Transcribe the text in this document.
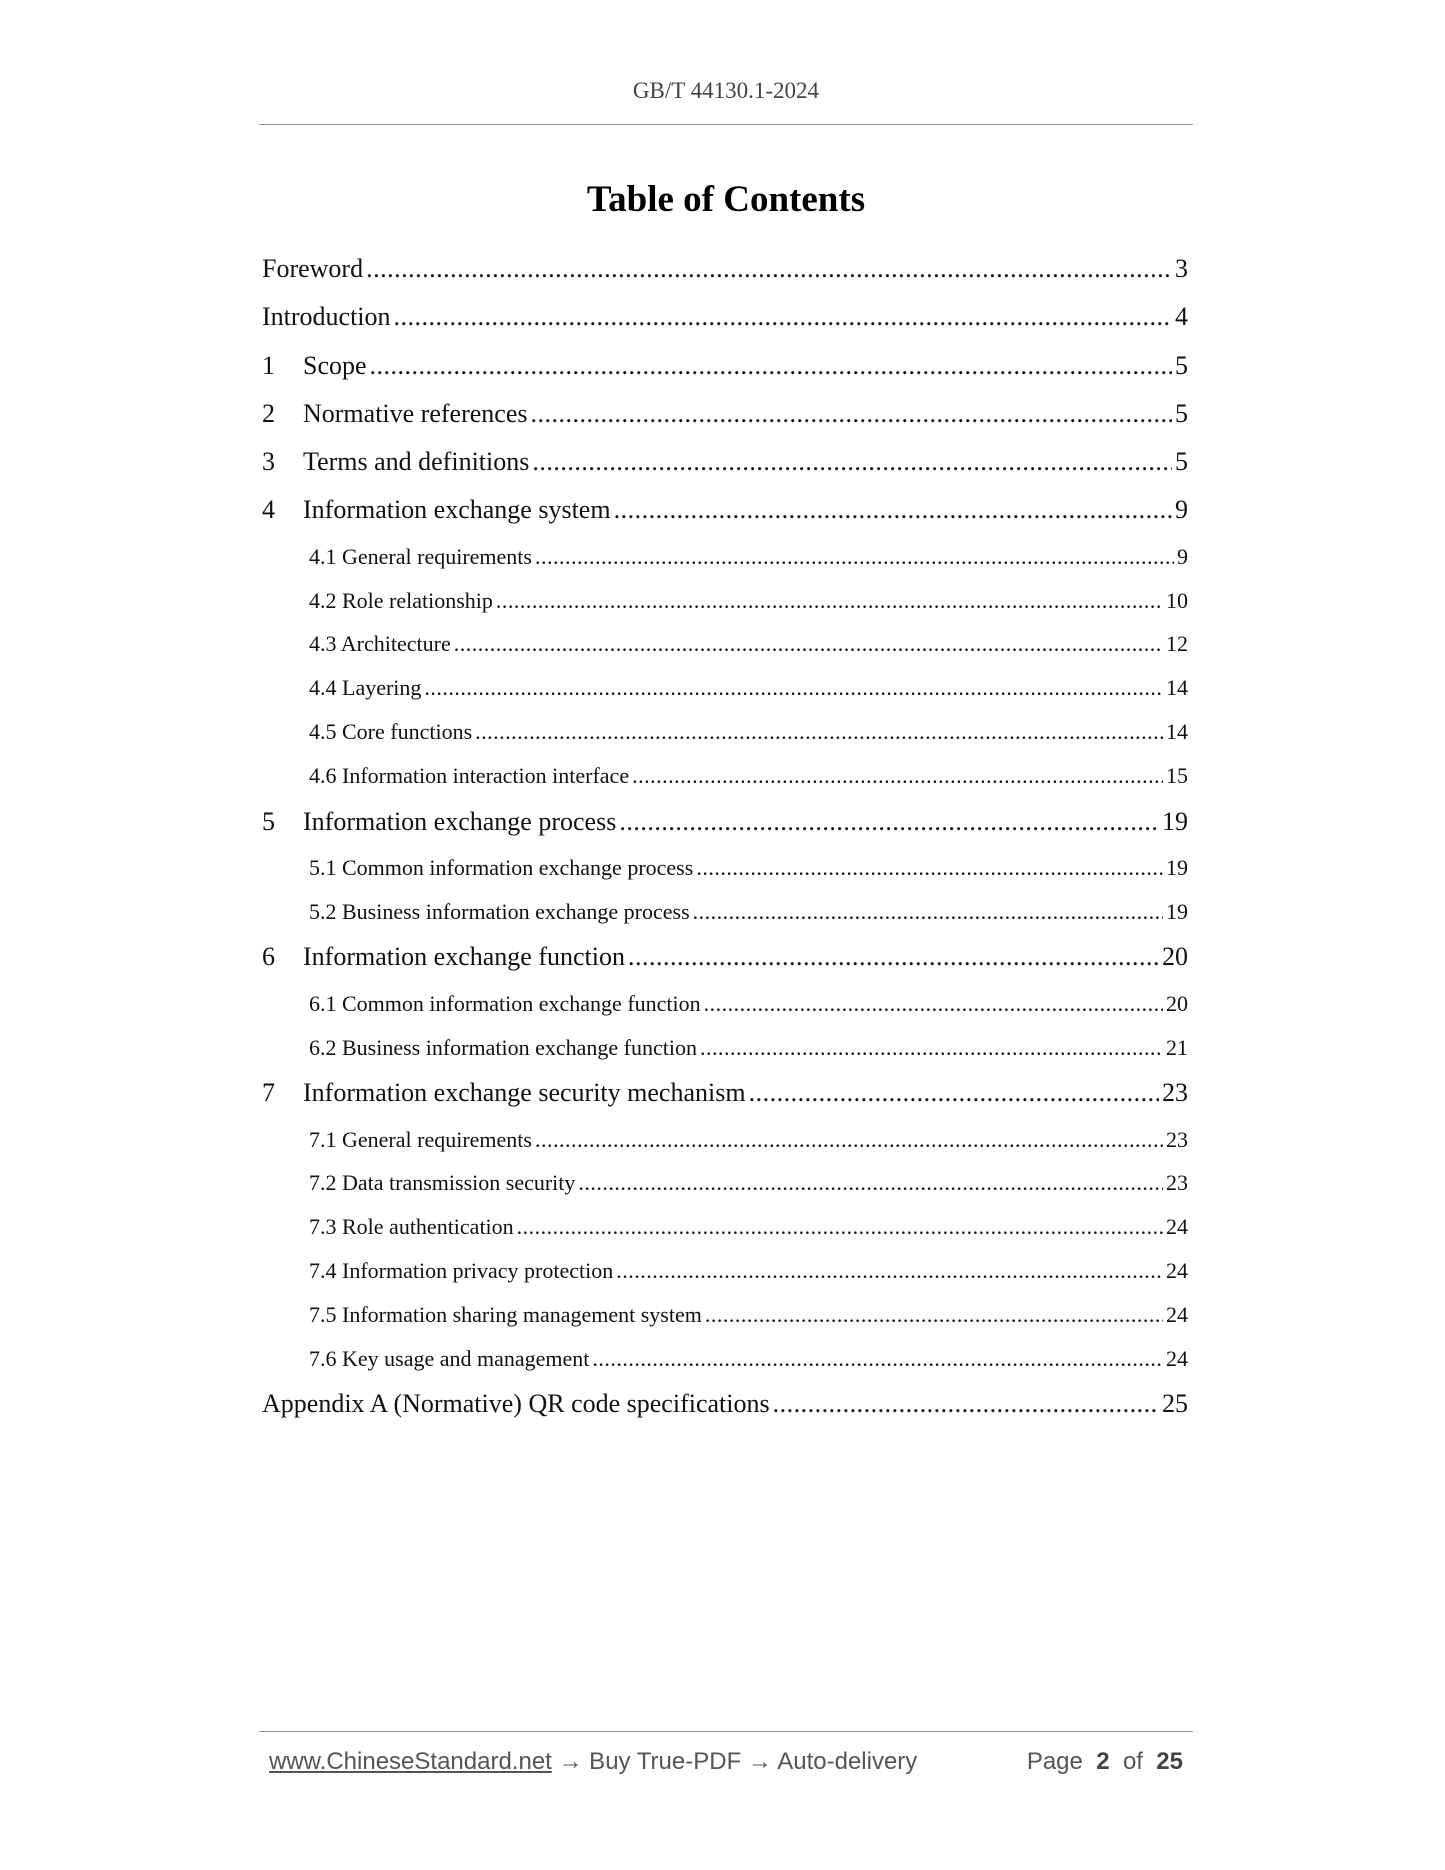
GB/T 44130.1-2024
Table of Contents
Foreword .....	3
Introduction .....	4
1	Scope .....	5
2	Normative references .....	5
3	Terms and definitions .....	5
4	Information exchange system .....	9
4.1 General requirements .....	9
4.2 Role relationship .....	10
4.3 Architecture .....	12
4.4 Layering .....	14
4.5 Core functions .....	14
4.6 Information interaction interface .....	15
5	Information exchange process .....	19
5.1 Common information exchange process .....	19
5.2 Business information exchange process .....	19
6	Information exchange function .....	20
6.1 Common information exchange function .....	20
6.2 Business information exchange function .....	21
7	Information exchange security mechanism .....	23
7.1 General requirements .....	23
7.2 Data transmission security .....	23
7.3 Role authentication .....	24
7.4 Information privacy protection .....	24
7.5 Information sharing management system .....	24
7.6 Key usage and management .....	24
Appendix A (Normative) QR code specifications .....	25
www.ChineseStandard.net → Buy True-PDF → Auto-delivery	Page 2 of 25
